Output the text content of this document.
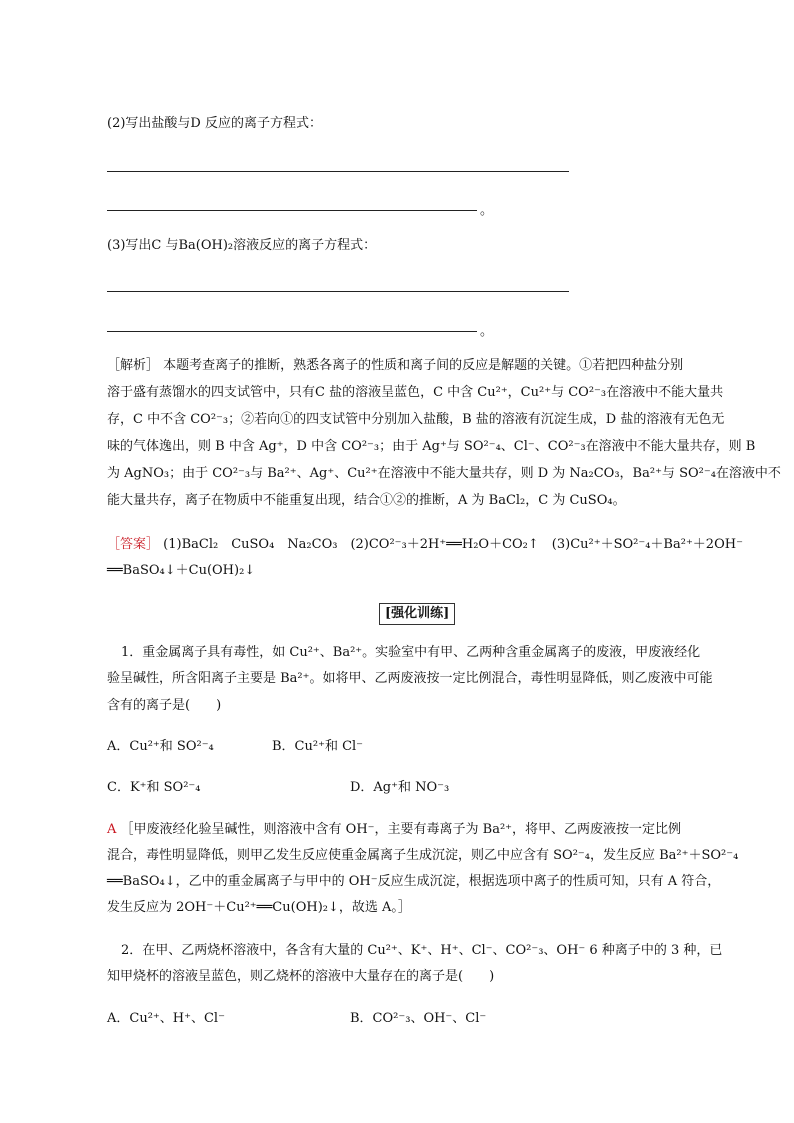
(2)写出盐酸与D 反应的离子方程式：
。
(3)写出C 与Ba(OH)₂溶液反应的离子方程式：
。
［解析］ 本题考查离子的推断，熟悉各离子的性质和离子间的反应是解题的关键。①若把四种盐分别
溶于盛有蒸馏水的四支试管中，只有C 盐的溶液呈蓝色，C 中含 Cu²⁺，Cu²⁺与 CO²⁻₃在溶液中不能大量共
存，C 中不含 CO²⁻₃；②若向①的四支试管中分别加入盐酸，B 盐的溶液有沉淀生成，D 盐的溶液有无色无
味的气体逸出，则 B 中含 Ag⁺，D 中含 CO²⁻₃；由于 Ag⁺与 SO²⁻₄、Cl⁻、CO²⁻₃在溶液中不能大量共存，则 B
为 AgNO₃；由于 CO²⁻₃与 Ba²⁺、Ag⁺、Cu²⁺在溶液中不能大量共存，则 D 为 Na₂CO₃，Ba²⁺与 SO²⁻₄在溶液中不
能大量共存，离子在物质中不能重复出现，结合①②的推断，A 为 BaCl₂，C 为 CuSO₄。
［答案］ (1)BaCl₂　CuSO₄　Na₂CO₃　(2)CO²⁻₃＋2H⁺══H₂O＋CO₂↑　(3)Cu²⁺＋SO²⁻₄＋Ba²⁺＋2OH⁻
══BaSO₄↓＋Cu(OH)₂↓
[强化训练]
1．重金属离子具有毒性，如 Cu²⁺、Ba²⁺。实验室中有甲、乙两种含重金属离子的废液，甲废液经化
验呈碱性，所含阳离子主要是 Ba²⁺。如将甲、乙两废液按一定比例混合，毒性明显降低，则乙废液中可能
含有的离子是(　　)
A．Cu²⁺和 SO²⁻₄	B．Cu²⁺和 Cl⁻
C．K⁺和 SO²⁻₄	D．Ag⁺和 NO⁻₃
A ［甲废液经化验呈碱性，则溶液中含有 OH⁻，主要有毒离子为 Ba²⁺，将甲、乙两废液按一定比例
混合，毒性明显降低，则甲乙发生反应使重金属离子生成沉淀，则乙中应含有 SO²⁻₄，发生反应 Ba²⁺＋SO²⁻₄
══BaSO₄↓，乙中的重金属离子与甲中的 OH⁻反应生成沉淀，根据选项中离子的性质可知，只有 A 符合，
发生反应为 2OH⁻＋Cu²⁺══Cu(OH)₂↓，故选 A。］
2．在甲、乙两烧杯溶液中，各含有大量的 Cu²⁺、K⁺、H⁺、Cl⁻、CO²⁻₃、OH⁻ 6 种离子中的 3 种，已
知甲烧杯的溶液呈蓝色，则乙烧杯的溶液中大量存在的离子是(　　)
A．Cu²⁺、H⁺、Cl⁻	B．CO²⁻₃、OH⁻、Cl⁻
